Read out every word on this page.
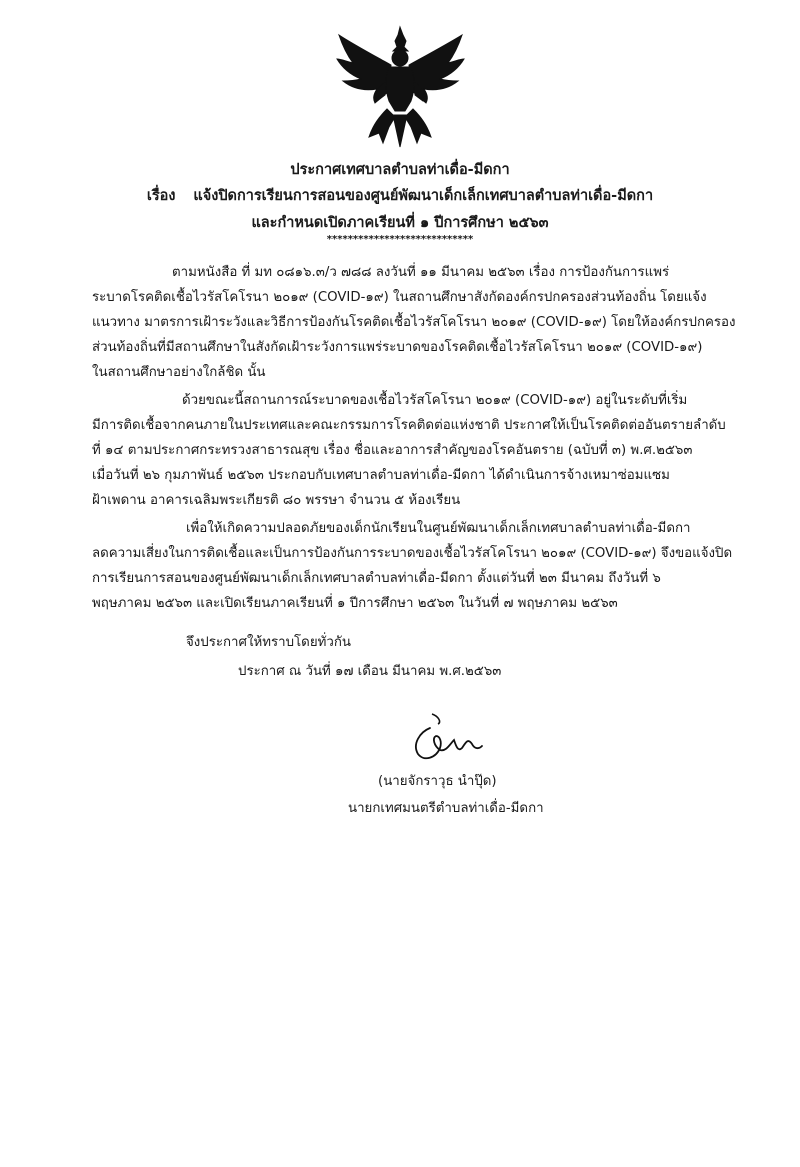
ประกาศเทศบาลตำบลท่าเดื่อ-มีดกา
เรื่อง แจ้งปิดการเรียนการสอนของศูนย์พัฒนาเด็กเล็กเทศบาลตำบลท่าเดื่อ-มีดกา
และกำหนดเปิดภาคเรียนที่ ๑ ปีการศึกษา ๒๕๖๓
****************************
ตามหนังสือ ที่ มท ๐๘๑๖.๓/ว ๗๘๘ ลงวันที่ ๑๑ มีนาคม ๒๕๖๓ เรื่อง การป้องกันการแพร่
ระบาดโรคติดเชื้อไวรัสโคโรนา ๒๐๑๙ (COVID-๑๙) ในสถานศึกษาสังกัดองค์กรปกครองส่วนท้องถิ่น โดยแจ้ง
แนวทาง มาตรการเฝ้าระวังและวิธีการป้องกันโรคติดเชื้อไวรัสโคโรนา ๒๐๑๙ (COVID-๑๙) โดยให้องค์กรปกครอง
ส่วนท้องถิ่นที่มีสถานศึกษาในสังกัดเฝ้าระวังการแพร่ระบาดของโรคติดเชื้อไวรัสโคโรนา ๒๐๑๙ (COVID-๑๙)
ในสถานศึกษาอย่างใกล้ชิด นั้น
ด้วยขณะนี้สถานการณ์ระบาดของเชื้อไวรัสโคโรนา ๒๐๑๙ (COVID-๑๙) อยู่ในระดับที่เริ่ม
มีการติดเชื้อจากคนภายในประเทศและคณะกรรมการโรคติดต่อแห่งชาติ ประกาศให้เป็นโรคติดต่ออันตรายลำดับ
ที่ ๑๔ ตามประกาศกระทรวงสาธารณสุข เรื่อง ชื่อและอาการสำคัญของโรคอันตราย (ฉบับที่ ๓) พ.ศ.๒๕๖๓
เมื่อวันที่ ๒๖ กุมภาพันธ์ ๒๕๖๓ ประกอบกับเทศบาลตำบลท่าเดื่อ-มีดกา ได้ดำเนินการจ้างเหมาซ่อมแซม
ฝ้าเพดาน อาคารเฉลิมพระเกียรติ ๘๐ พรรษา จำนวน ๕ ห้องเรียน
เพื่อให้เกิดความปลอดภัยของเด็กนักเรียนในศูนย์พัฒนาเด็กเล็กเทศบาลตำบลท่าเดื่อ-มีดกา
ลดความเสี่ยงในการติดเชื้อและเป็นการป้องกันการระบาดของเชื้อไวรัสโคโรนา ๒๐๑๙ (COVID-๑๙) จึงขอแจ้งปิด
การเรียนการสอนของศูนย์พัฒนาเด็กเล็กเทศบาลตำบลท่าเดื่อ-มีดกา ตั้งแต่วันที่ ๒๓ มีนาคม ถึงวันที่ ๖
พฤษภาคม ๒๕๖๓ และเปิดเรียนภาคเรียนที่ ๑ ปีการศึกษา ๒๕๖๓ ในวันที่ ๗ พฤษภาคม ๒๕๖๓
จึงประกาศให้ทราบโดยทั่วกัน
ประกาศ ณ วันที่ ๑๗ เดือน มีนาคม พ.ศ.๒๕๖๓
(นายจักราวุธ นำปุ๊ด)
นายกเทศมนตรีตำบลท่าเดื่อ-มีดกา
